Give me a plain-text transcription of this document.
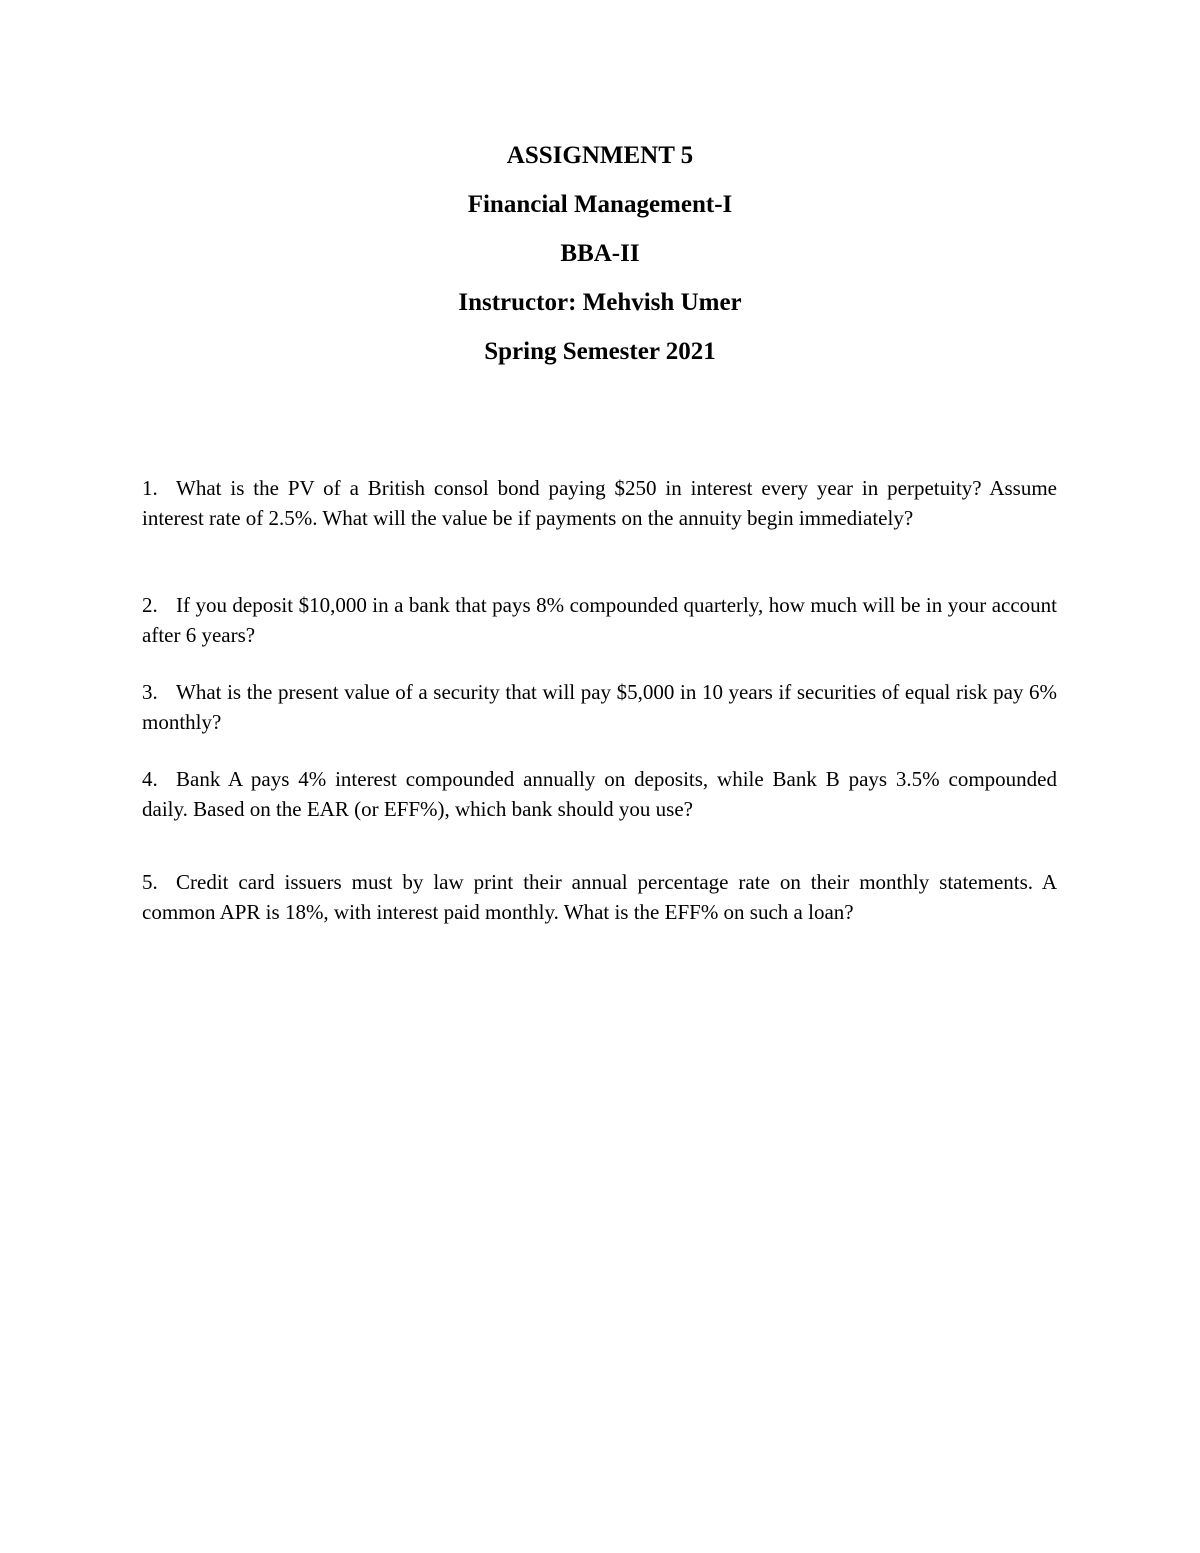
ASSIGNMENT 5
Financial Management-I
BBA-II
Instructor: Mehvish Umer
Spring Semester 2021

1. What is the PV of a British consol bond paying $250 in interest every year in perpetuity? Assume interest rate of 2.5%. What will the value be if payments on the annuity begin immediately?

2. If you deposit $10,000 in a bank that pays 8% compounded quarterly, how much will be in your account after 6 years?

3. What is the present value of a security that will pay $5,000 in 10 years if securities of equal risk pay 6% monthly?

4. Bank A pays 4% interest compounded annually on deposits, while Bank B pays 3.5% compounded daily. Based on the EAR (or EFF%), which bank should you use?

5. Credit card issuers must by law print their annual percentage rate on their monthly statements. A common APR is 18%, with interest paid monthly. What is the EFF% on such a loan?
